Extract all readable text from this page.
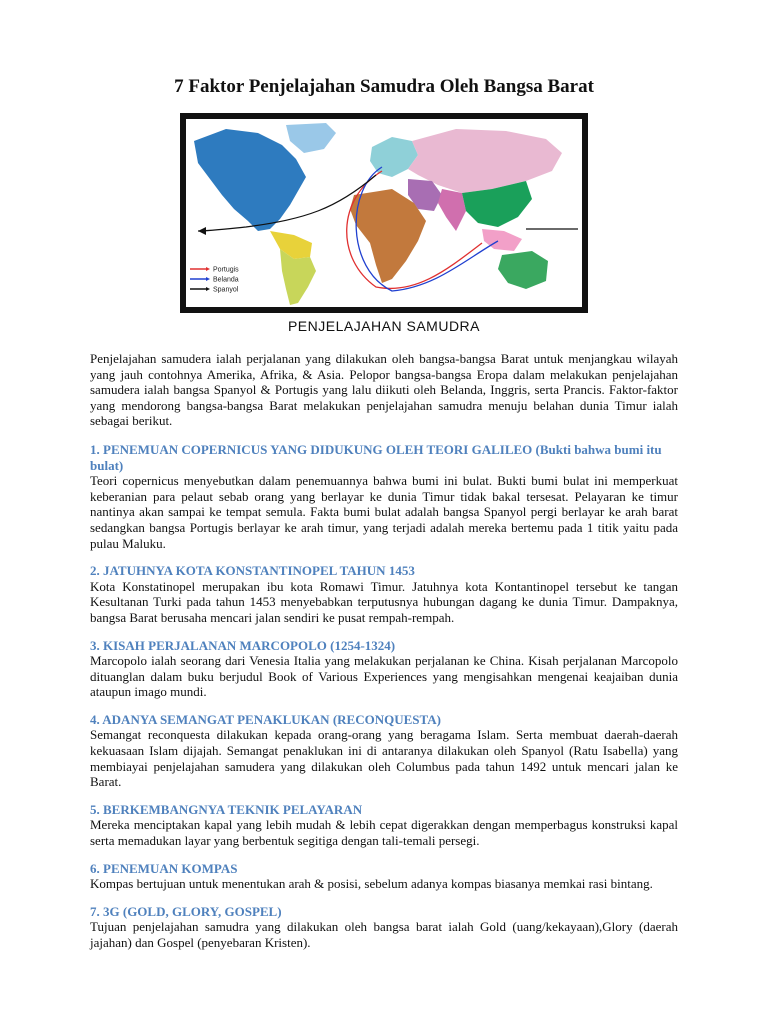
7 Faktor Penjelajahan Samudra Oleh Bangsa Barat
Portugis
Belanda
Spanyol
PENJELAJAHAN SAMUDRA

Penjelajahan samudera ialah perjalanan yang dilakukan oleh bangsa-bangsa Barat untuk menjangkau wilayah yang jauh contohnya Amerika, Afrika, & Asia. Pelopor bangsa-bangsa Eropa dalam melakukan penjelajahan samudera ialah bangsa Spanyol & Portugis yang lalu diikuti oleh Belanda, Inggris, serta Prancis. Faktor-faktor yang mendorong bangsa-bangsa Barat melakukan penjelajahan samudra menuju belahan dunia Timur ialah sebagai berikut.

1. PENEMUAN COPERNICUS YANG DIDUKUNG OLEH TEORI GALILEO (Bukti bahwa bumi itu bulat)

Teori copernicus menyebutkan dalam penemuannya bahwa bumi ini bulat. Bukti bumi bulat ini memperkuat keberanian para pelaut sebab orang yang berlayar ke dunia Timur tidak bakal tersesat. Pelayaran ke timur nantinya akan sampai ke tempat semula. Fakta bumi bulat adalah bangsa Spanyol pergi berlayar ke arah barat sedangkan bangsa Portugis berlayar ke arah timur, yang terjadi adalah mereka bertemu pada 1 titik yaitu pada pulau Maluku.

2. JATUHNYA KOTA KONSTANTINOPEL TAHUN 1453

Kota Konstatinopel merupakan ibu kota Romawi Timur. Jatuhnya kota Kontantinopel tersebut ke tangan Kesultanan Turki pada tahun 1453 menyebabkan terputusnya hubungan dagang ke dunia Timur. Dampaknya, bangsa Barat berusaha mencari jalan sendiri ke pusat rempah-rempah.

3. KISAH PERJALANAN MARCOPOLO (1254-1324)

Marcopolo ialah seorang dari Venesia Italia yang melakukan perjalanan ke China. Kisah perjalanan Marcopolo dituanglan dalam buku berjudul Book of Various Experiences yang mengisahkan mengenai keajaiban dunia ataupun imago mundi.

4. ADANYA SEMANGAT PENAKLUKAN (RECONQUESTA)

Semangat reconquesta dilakukan kepada orang-orang yang beragama Islam. Serta membuat daerah-daerah kekuasaan Islam dijajah. Semangat penaklukan ini di antaranya dilakukan oleh Spanyol (Ratu Isabella) yang membiayai penjelajahan samudera yang dilakukan oleh Columbus pada tahun 1492 untuk mencari jalan ke Barat.

5. BERKEMBANGNYA TEKNIK PELAYARAN

Mereka menciptakan kapal yang lebih mudah & lebih cepat digerakkan dengan memperbagus konstruksi kapal serta memadukan layar yang berbentuk segitiga dengan tali-temali persegi.

6. PENEMUAN KOMPAS

Kompas bertujuan untuk menentukan arah & posisi, sebelum adanya kompas biasanya memkai rasi bintang.

7. 3G (GOLD, GLORY, GOSPEL)

Tujuan penjelajahan samudra yang dilakukan oleh bangsa barat ialah Gold (uang/kekayaan),Glory (daerah jajahan) dan Gospel (penyebaran Kristen).
